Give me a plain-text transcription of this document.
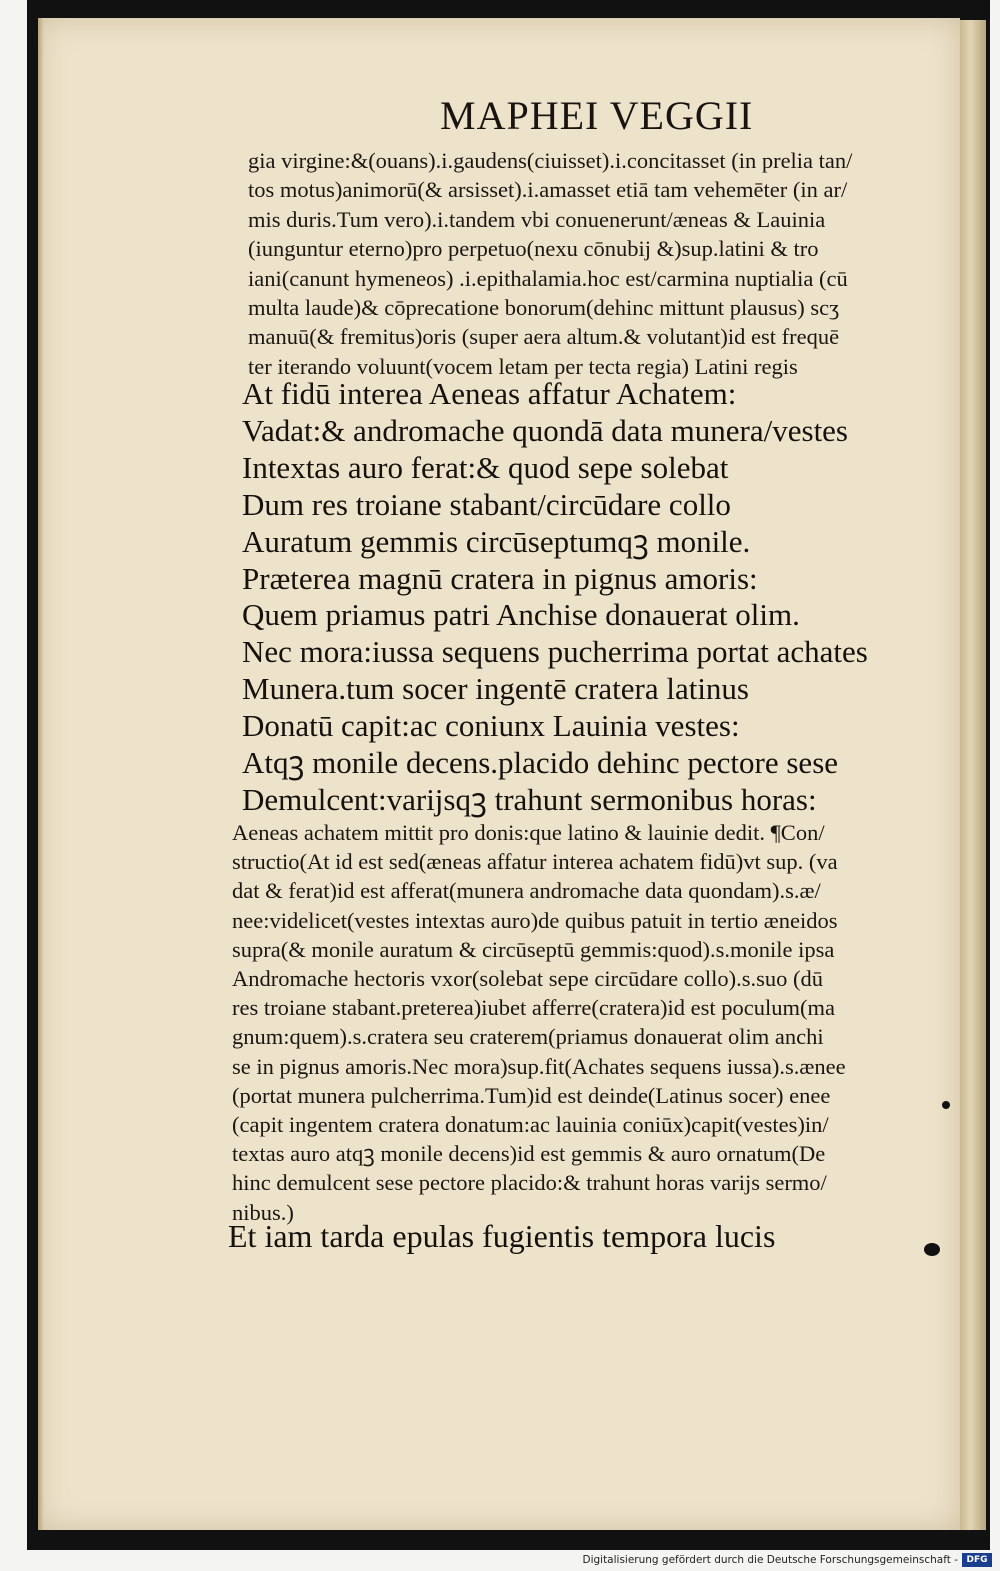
MAPHEI VEGGII
gia virgine:&(ouans).i.gaudens(ciuisset).i.concitasset (in prelia tan/
tos motus)animorū(& arsisset).i.amasset etiā tam vehemēter (in ar/
mis duris.Tum vero).i.tandem vbi conuenerunt/æneas & Lauinia
(iunguntur eterno)pro perpetuo(nexu cōnubij &)sup.latini & tro
iani(canunt hymeneos) .i.epithalamia.hoc est/carmina nuptialia (cū
multa laude)& cōprecatione bonorum(dehinc mittunt plausus) scʒ
manuū(& fremitus)oris (super aera altum.& volutant)id est frequē
ter iterando voluunt(vocem letam per tecta regia) Latini regis
At fidū interea Aeneas affatur Achatem:
Vadat:& andromache quondā data munera/vestes
Intextas auro ferat:& quod sepe solebat
Dum res troiane stabant/circūdare collo
Auratum gemmis circūseptumqꝫ monile.
Præterea magnū cratera in pignus amoris:
Quem priamus patri Anchise donauerat olim.
Nec mora:iussa sequens pucherrima portat achates
Munera.tum socer ingentē cratera latinus
Donatū capit:ac coniunx Lauinia vestes:
Atqꝫ monile decens.placido dehinc pectore sese
Demulcent:varijsqꝫ trahunt sermonibus horas:
Aeneas achatem mittit pro donis:que latino & lauinie dedit. ¶Con/
structio(At id est sed(æneas affatur interea achatem fidū)vt sup. (va
dat & ferat)id est afferat(munera andromache data quondam).s.æ/
nee:videlicet(vestes intextas auro)de quibus patuit in tertio æneidos
supra(& monile auratum & circūseptū gemmis:quod).s.monile ipsa
Andromache hectoris vxor(solebat sepe circūdare collo).s.suo (dū
res troiane stabant.preterea)iubet afferre(cratera)id est poculum(ma
gnum:quem).s.cratera seu craterem(priamus donauerat olim anchi
se in pignus amoris.Nec mora)sup.fit(Achates sequens iussa).s.ænee
(portat munera pulcherrima.Tum)id est deinde(Latinus socer) enee
(capit ingentem cratera donatum:ac lauinia coniūx)capit(vestes)in/
textas auro atqꝫ monile decens)id est gemmis & auro ornatum(De
hinc demulcent sese pectore placido:& trahunt horas varijs sermo/
nibus.)
Et iam tarda epulas fugientis tempora lucis
Digitalisierung gefördert durch die Deutsche Forschungsgemeinschaft - DFG
